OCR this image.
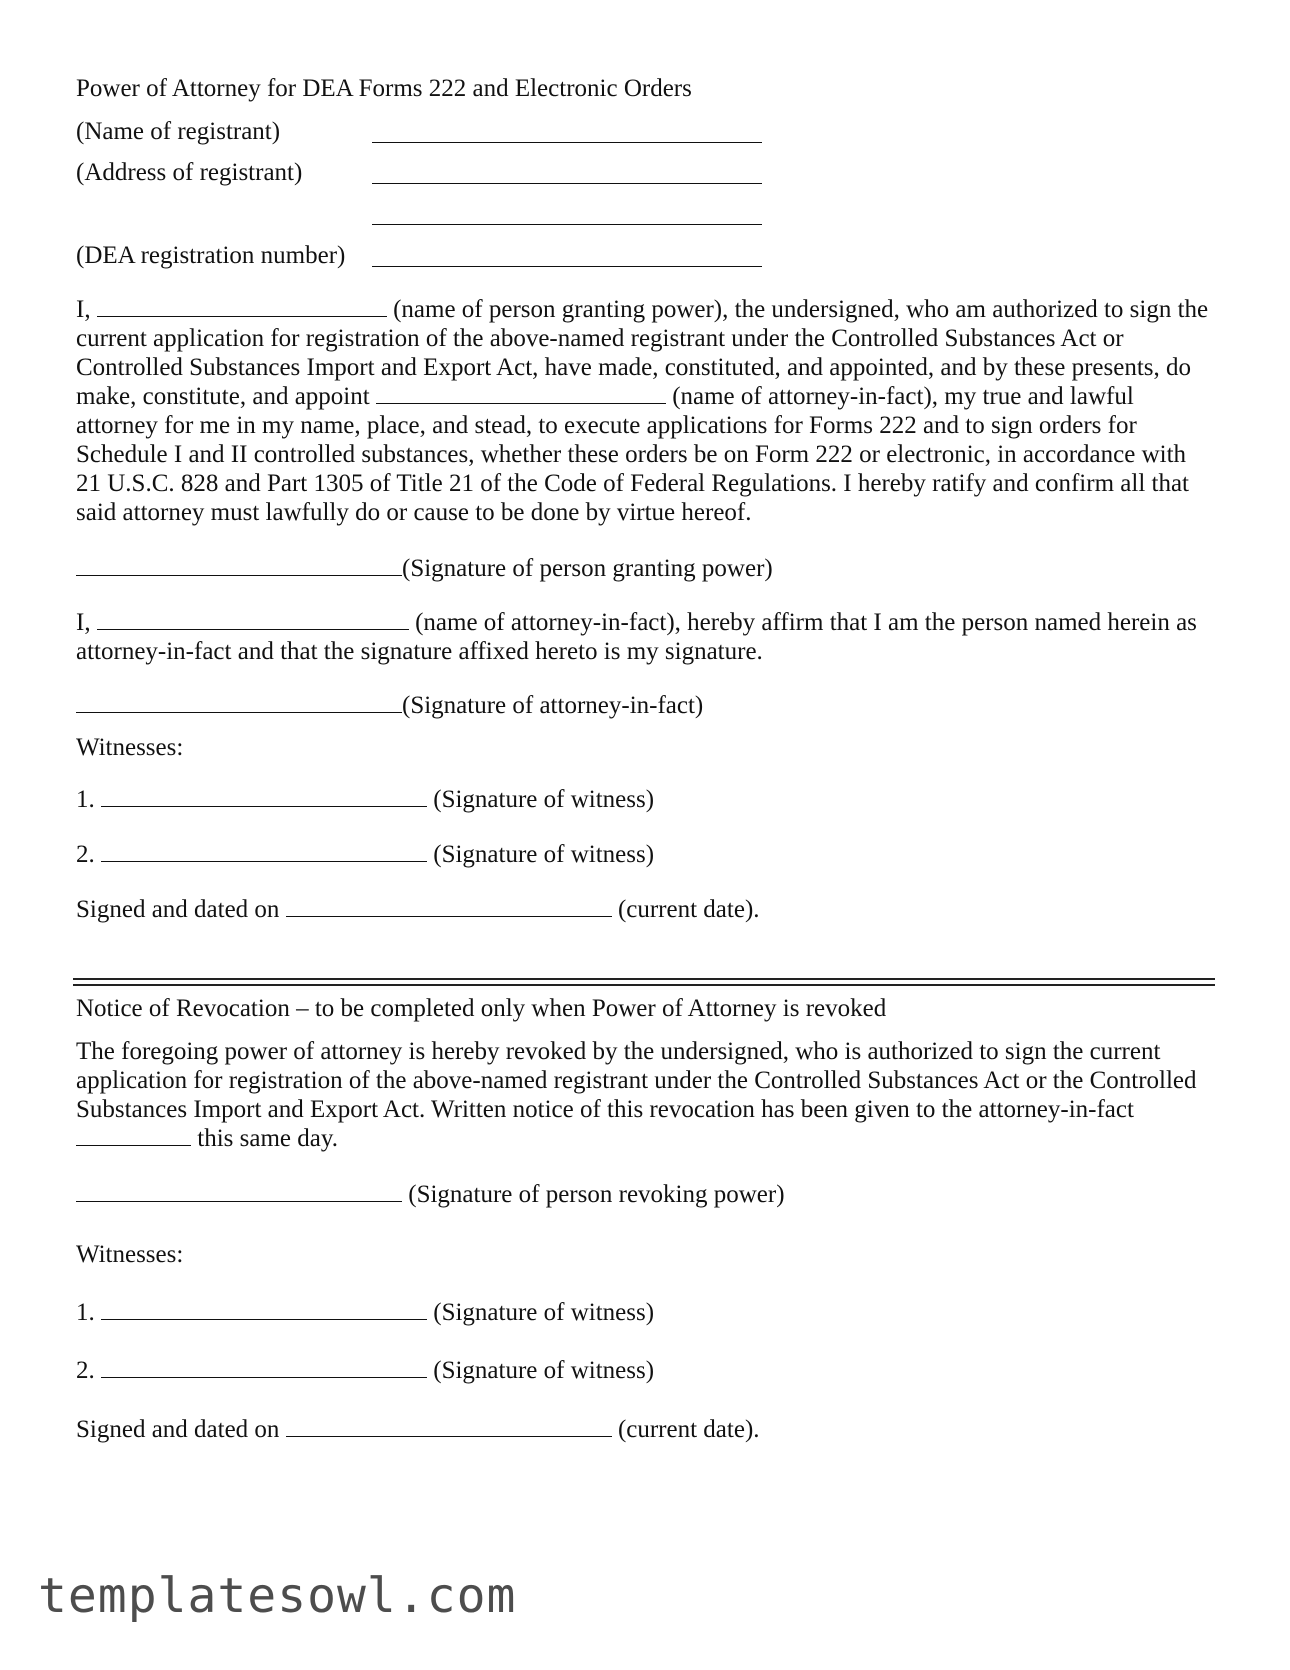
Power of Attorney for DEA Forms 222 and Electronic Orders
(Name of registrant)
(Address of registrant)
(DEA registration number)
I,	(name of person granting power), the undersigned, who am authorized to sign the current application for registration of the above-named registrant under the Controlled Substances Act or Controlled Substances Import and Export Act, have made, constituted, and appointed, and by these presents, do make, constitute, and appoint	(name of attorney-in-fact), my true and lawful attorney for me in my name, place, and stead, to execute applications for Forms 222 and to sign orders for Schedule I and II controlled substances, whether these orders be on Form 222 or electronic, in accordance with 21 U.S.C. 828 and Part 1305 of Title 21 of the Code of Federal Regulations. I hereby ratify and confirm all that said attorney must lawfully do or cause to be done by virtue hereof.
(Signature of person granting power)
I,	(name of attorney-in-fact), hereby affirm that I am the person named herein as attorney-in-fact and that the signature affixed hereto is my signature.
(Signature of attorney-in-fact)
Witnesses:
1.	(Signature of witness)
2.	(Signature of witness)
Signed and dated on	(current date).
Notice of Revocation – to be completed only when Power of Attorney is revoked
The foregoing power of attorney is hereby revoked by the undersigned, who is authorized to sign the current application for registration of the above-named registrant under the Controlled Substances Act or the Controlled Substances Import and Export Act. Written notice of this revocation has been given to the attorney-in-fact  this same day.
(Signature of person revoking power)
Witnesses:
1.	(Signature of witness)
2.	(Signature of witness)
Signed and dated on	(current date).
templatesowl.com
